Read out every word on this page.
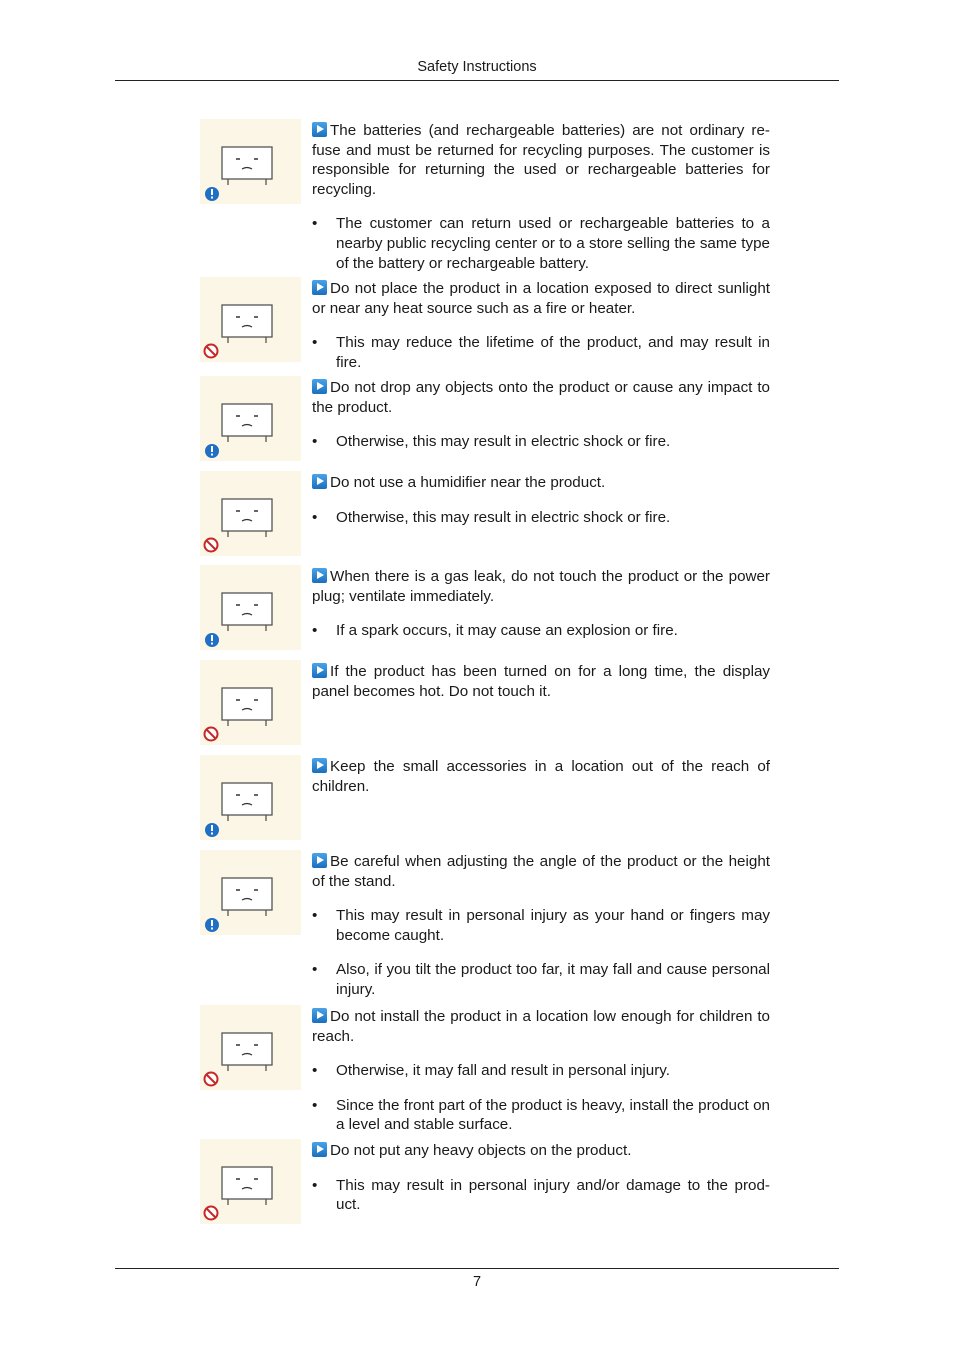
Safety Instructions

The batteries (and rechargeable batteries) are not ordinary re-fuse and must be returned for recycling purposes. The customer is responsible for returning the used or rechargeable batteries for recycling.

• The customer can return used or rechargeable batteries to a nearby public recycling center or to a store selling the same type of the battery or rechargeable battery.

Do not place the product in a location exposed to direct sunlight or near any heat source such as a fire or heater.

• This may reduce the lifetime of the product, and may result in fire.

Do not drop any objects onto the product or cause any impact to the product.

• Otherwise, this may result in electric shock or fire.

Do not use a humidifier near the product.

• Otherwise, this may result in electric shock or fire.

When there is a gas leak, do not touch the product or the power plug; ventilate immediately.

• If a spark occurs, it may cause an explosion or fire.

If the product has been turned on for a long time, the display panel becomes hot. Do not touch it.

Keep the small accessories in a location out of the reach of children.

Be careful when adjusting the angle of the product or the height of the stand.

• This may result in personal injury as your hand or fingers may become caught.
• Also, if you tilt the product too far, it may fall and cause personal injury.

Do not install the product in a location low enough for children to reach.

• Otherwise, it may fall and result in personal injury.
• Since the front part of the product is heavy, install the product on a level and stable surface.

Do not put any heavy objects on the product.

• This may result in personal injury and/or damage to the prod-uct.
7
